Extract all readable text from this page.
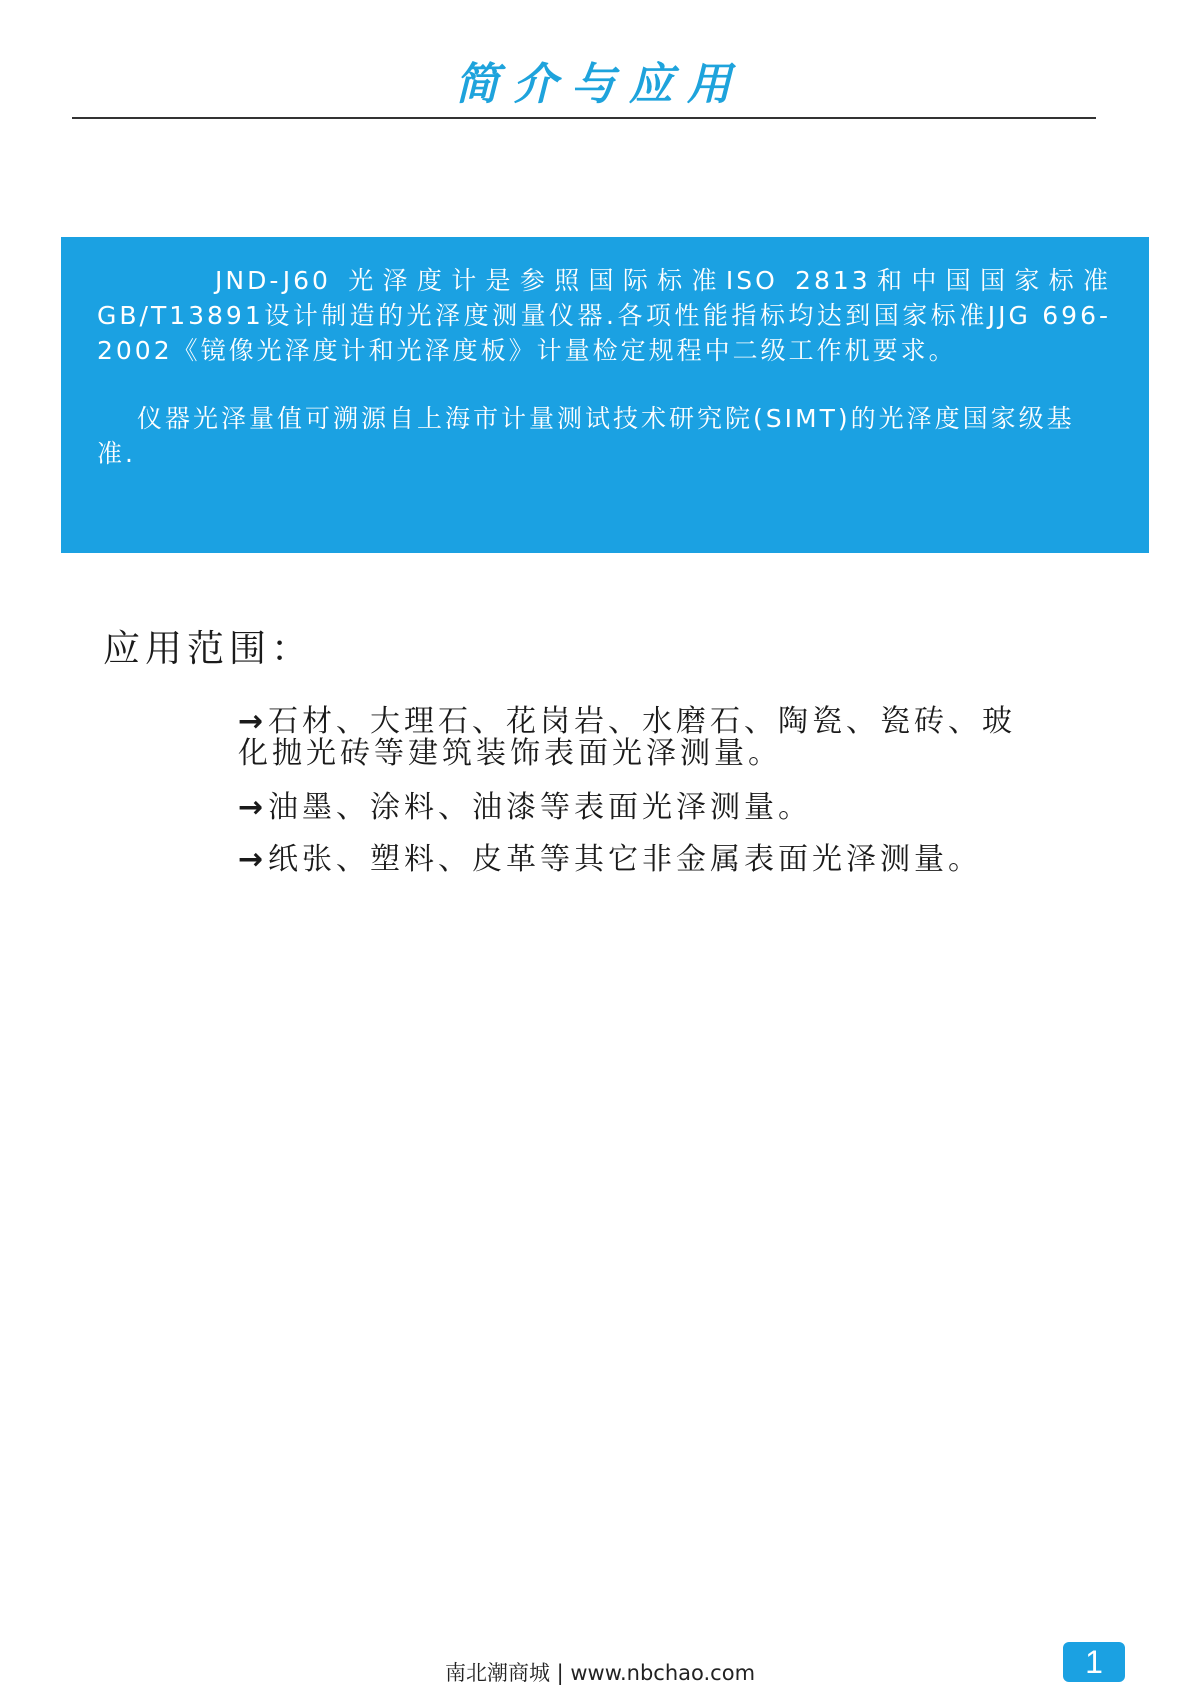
简介与应用

JND-J60 光泽度计是参照国际标准ISO 2813和中国国家标准GB/T13891设计制造的光泽度测量仪器.各项性能指标均达到国家标准JJG 696-2002《镜像光泽度计和光泽度板》计量检定规程中二级工作机要求。

仪器光泽量值可溯源自上海市计量测试技术研究院(SIMT)的光泽度国家级基准.

应用范围：
→ 石材、大理石、花岗岩、水磨石、陶瓷、瓷砖、玻化抛光砖等建筑装饰表面光泽测量。
→ 油墨、涂料、油漆等表面光泽测量。
→ 纸张、塑料、皮革等其它非金属表面光泽测量。
南北潮商城 | www.nbchao.com	1
